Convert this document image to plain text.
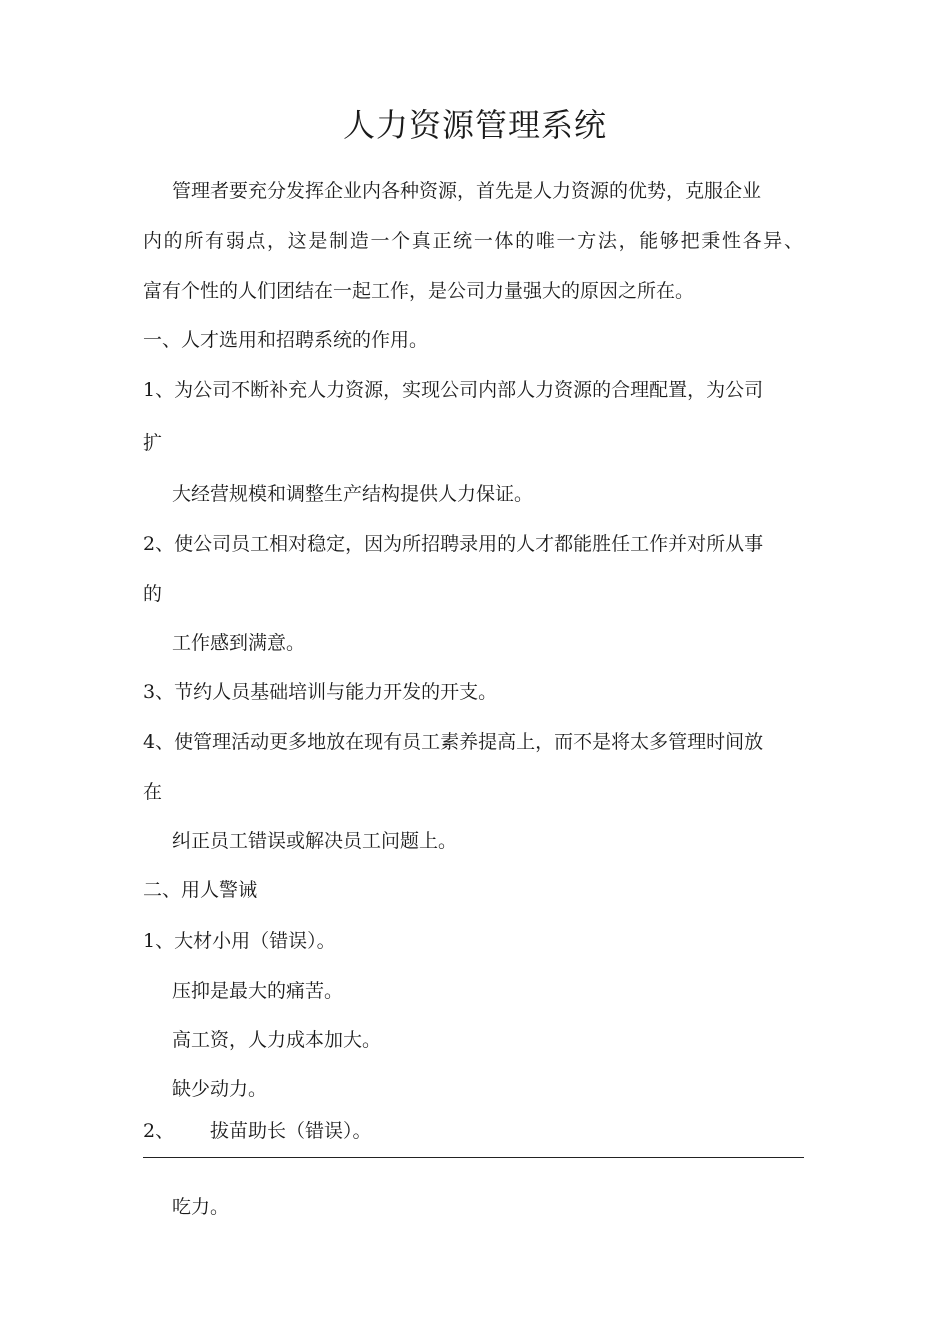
人力资源管理系统
管理者要充分发挥企业内各种资源，首先是人力资源的优势，克服企业
内的所有弱点，这是制造一个真正统一体的唯一方法，能够把秉性各异、
富有个性的人们团结在一起工作，是公司力量强大的原因之所在。
一、人才选用和招聘系统的作用。
1、为公司不断补充人力资源，实现公司内部人力资源的合理配置，为公司
扩
大经营规模和调整生产结构提供人力保证。
2、使公司员工相对稳定，因为所招聘录用的人才都能胜任工作并对所从事
的
工作感到满意。
3、节约人员基础培训与能力开发的开支。
4、使管理活动更多地放在现有员工素养提高上，而不是将太多管理时间放
在
纠正员工错误或解决员工问题上。
二、用人警诫
1、大材小用（错误）。
压抑是最大的痛苦。
高工资，人力成本加大。
缺少动力。
2、 拔苗助长（错误）。
吃力。
